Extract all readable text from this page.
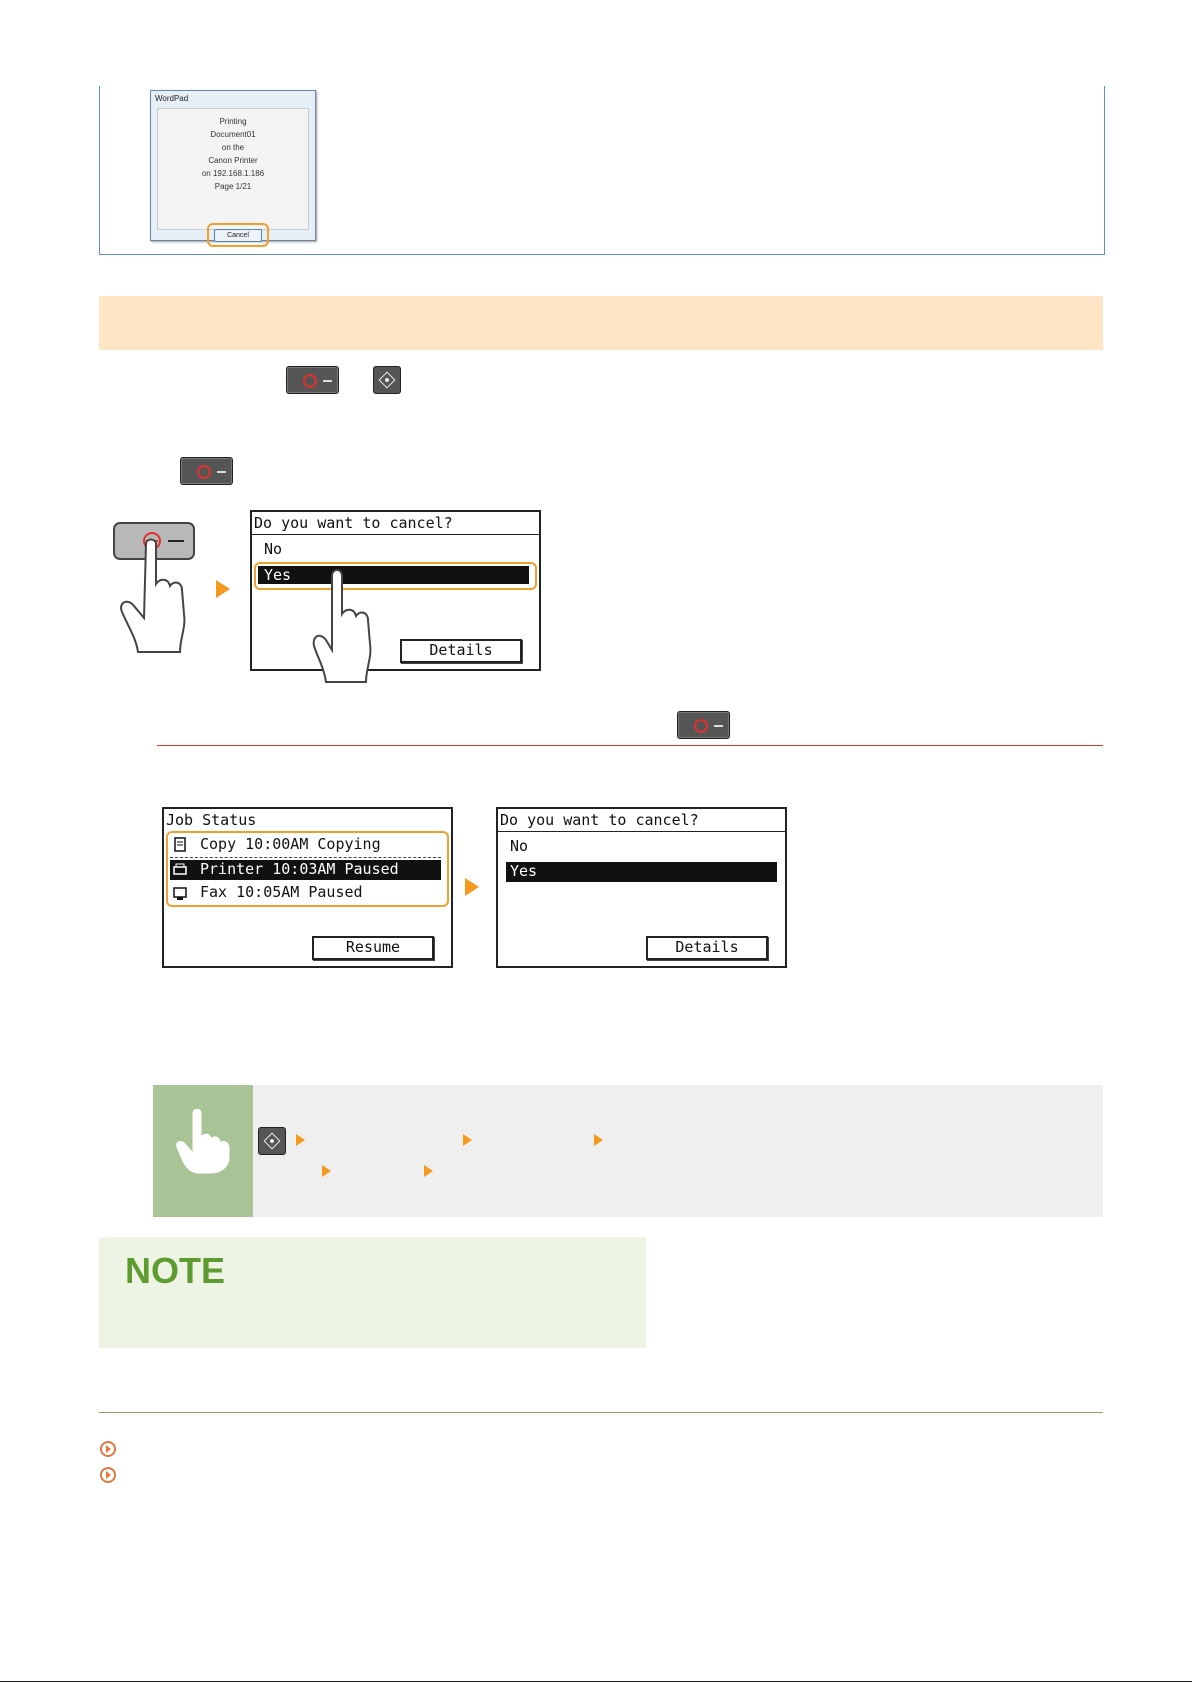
WordPad
Printing
Document01
on the
Canon Printer
on 192.168.1.186
Page 1/21
Cancel
Do you want to cancel?
No
Yes
Details
Job Status
Copy 10:00AM Copying
Printer 10:03AM Paused
Fax 10:05AM Paused
Resume
Do you want to cancel?
No
Yes
Details
NOTE
